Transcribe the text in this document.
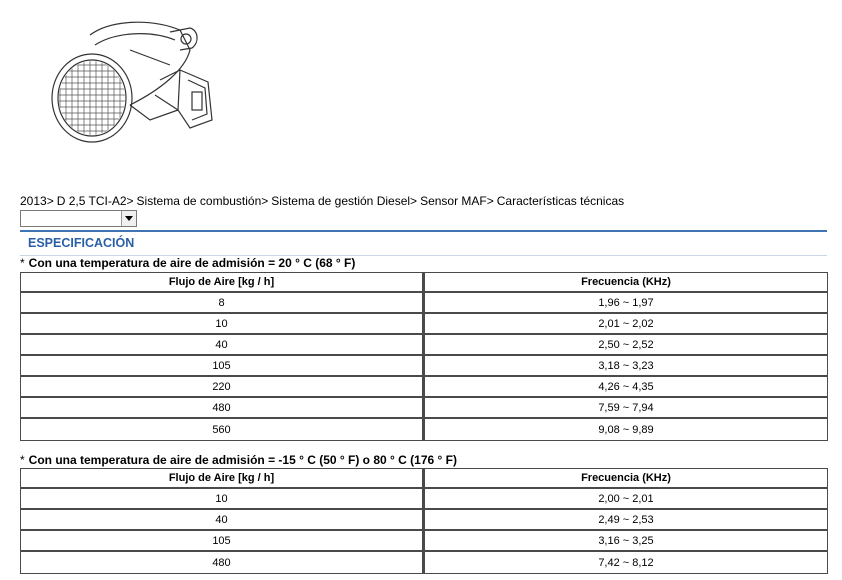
2013> D 2,5 TCI-A2> Sistema de combustión> Sistema de gestión Diesel> Sensor MAF> Características técnicas
ESPECIFICACIÓN
* Con una temperatura de aire de admisión = 20 ° C (68 ° F)
Flujo de Aire [kg / h]	Frecuencia (KHz)
8	1,96 ~ 1,97
10	2,01 ~ 2,02
40	2,50 ~ 2,52
105	3,18 ~ 3,23
220	4,26 ~ 4,35
480	7,59 ~ 7,94
560	9,08 ~ 9,89
* Con una temperatura de aire de admisión = -15 ° C (50 ° F) o 80 ° C (176 ° F)
Flujo de Aire [kg / h]	Frecuencia (KHz)
10	2,00 ~ 2,01
40	2,49 ~ 2,53
105	3,16 ~ 3,25
480	7,42 ~ 8,12
